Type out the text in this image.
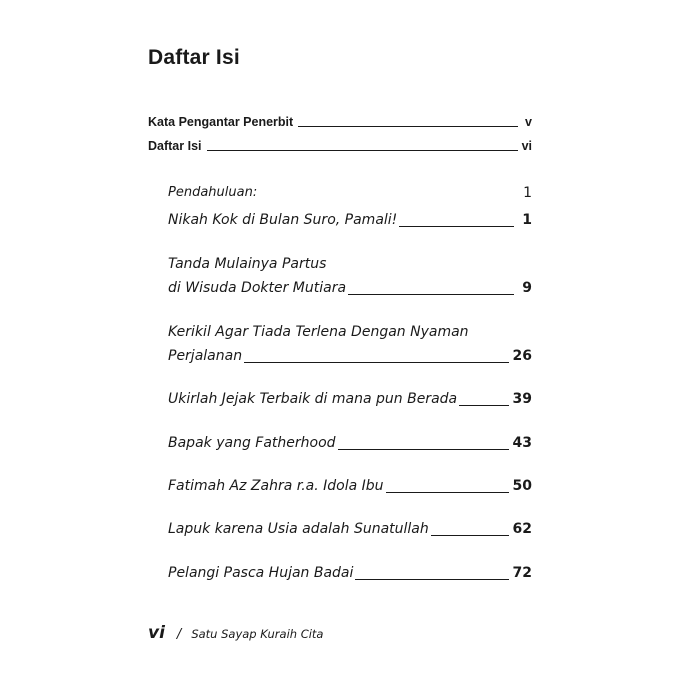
Daftar Isi
Kata Pengantar Penerbit	v
Daftar Isi	vi
Pendahuluan:	1
Nikah Kok di Bulan Suro, Pamali!	1
Tanda Mulainya Partus
di Wisuda Dokter Mutiara	9
Kerikil Agar Tiada Terlena Dengan Nyaman
Perjalanan	26
Ukirlah Jejak Terbaik di mana pun Berada	39
Bapak yang Fatherhood	43
Fatimah Az Zahra r.a. Idola Ibu	50
Lapuk karena Usia adalah Sunatullah	62
Pelangi Pasca Hujan Badai	72
vi / Satu Sayap Kuraih Cita
